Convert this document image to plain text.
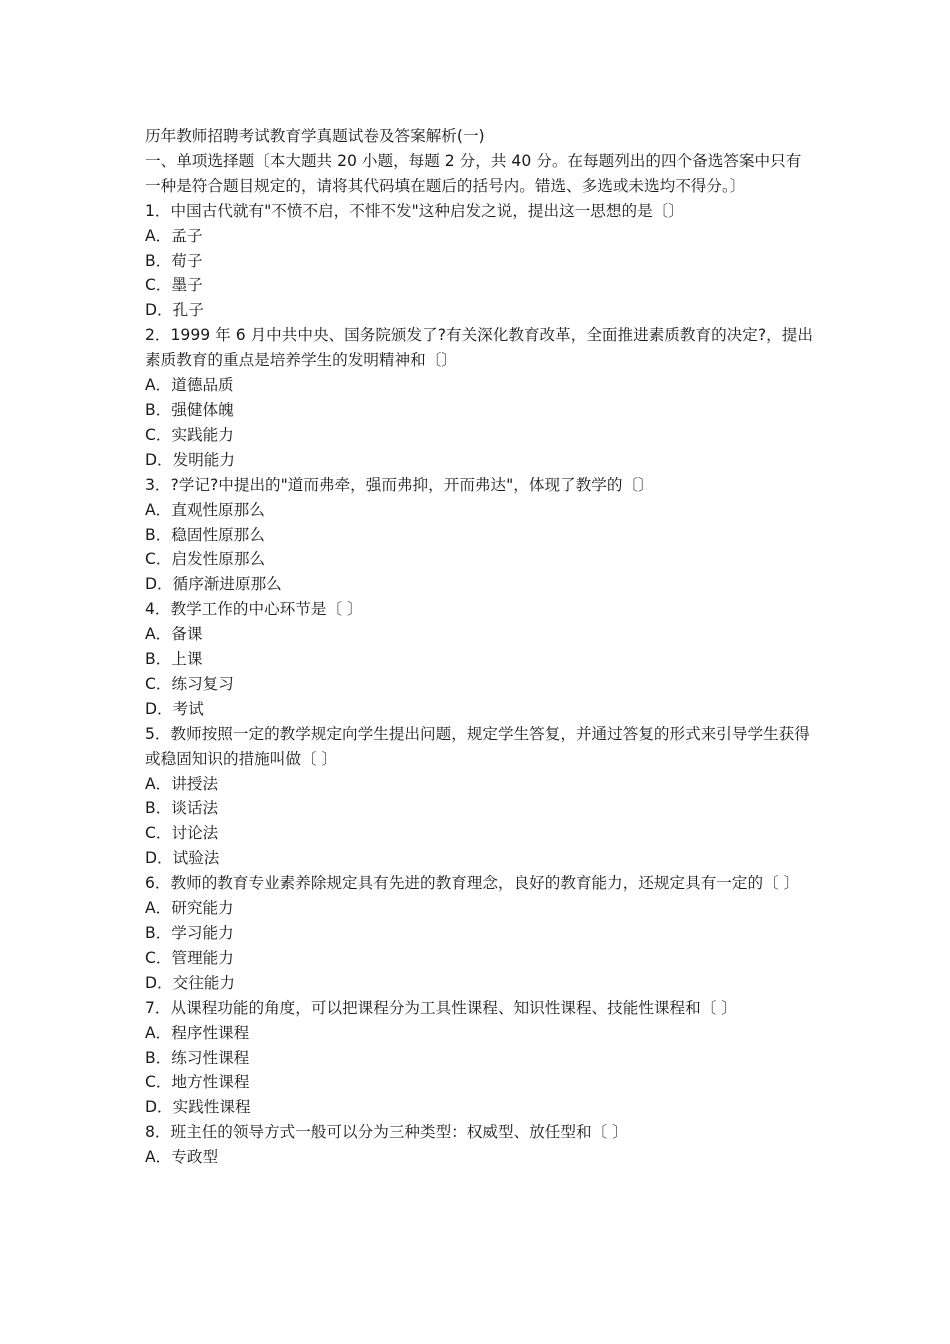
历年教师招聘考试教育学真题试卷及答案解析(一)
一、单项选择题〔本大题共 20 小题，每题 2 分，共 40 分。在每题列出的四个备选答案中只有一种是符合题目规定的，请将其代码填在题后的括号内。错选、多选或未选均不得分。〕
1．中国古代就有"不愤不启，不悱不发"这种启发之说，提出这一思想的是〔〕
A．孟子
B．荀子
C．墨子
D．孔子
2．1999 年 6 月中共中央、国务院颁发了?有关深化教育改革，全面推进素质教育的决定?，提出素质教育的重点是培养学生的发明精神和〔〕
A．道德品质
B．强健体魄
C．实践能力
D．发明能力
3．?学记?中提出的"道而弗牵，强而弗抑，开而弗达"，体现了教学的〔〕
A．直观性原那么
B．稳固性原那么
C．启发性原那么
D．循序渐进原那么
4．教学工作的中心环节是〔 〕
A．备课
B．上课
C．练习复习
D．考试
5．教师按照一定的教学规定向学生提出问题，规定学生答复，并通过答复的形式来引导学生获得或稳固知识的措施叫做〔 〕
A．讲授法
B．谈话法
C．讨论法
D．试验法
6．教师的教育专业素养除规定具有先进的教育理念，良好的教育能力，还规定具有一定的〔 〕
A．研究能力
B．学习能力
C．管理能力
D．交往能力
7．从课程功能的角度，可以把课程分为工具性课程、知识性课程、技能性课程和〔 〕
A．程序性课程
B．练习性课程
C．地方性课程
D．实践性课程
8．班主任的领导方式一般可以分为三种类型：权威型、放任型和〔 〕
A．专政型
